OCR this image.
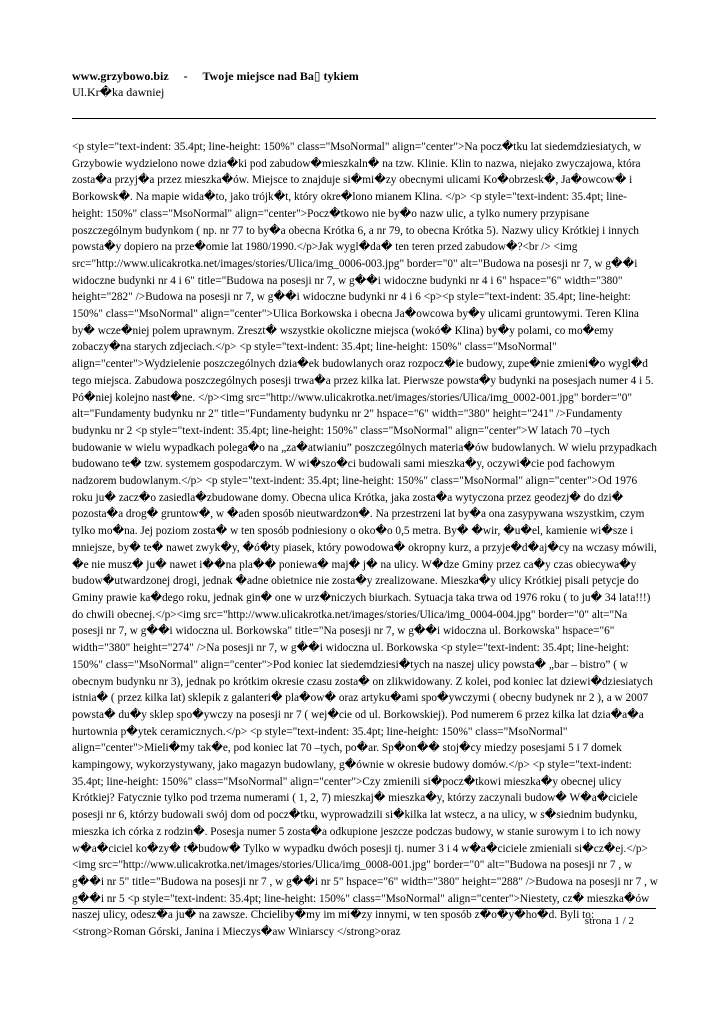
www.grzybowo.biz     -     Twoje miejsce nad Ba▯ tykiem
Ul.Kr�ka dawniej
<p style="text-indent: 35.4pt; line-height: 150%" class="MsoNormal" align="center">Na pocz�tku lat siedemdziesiatych, w Grzybowie wydzielono nowe dzia�ki pod zabudow�mieszkaln� na tzw. Klinie. Klin to nazwa, niejako zwyczajowa, która zosta�a przyj�a przez mieszka�ów. Miejsce to znajduje si�mi�zy obecnymi ulicami Ko�obrzesk�, Ja�owcow� i Borkowsk�. Na mapie wida�to, jako trójk�t, który okre�lono mianem Klina. </p> <p style="text-indent: 35.4pt; line-height: 150%" class="MsoNormal" align="center">Pocz�tkowo nie by�o nazw ulic, a tylko numery przypisane poszczególnym budynkom ( np. nr 77 to by�a obecna Krótka 6, a nr 79, to obecna Krótka 5). Nazwy ulicy Krótkiej i innych powsta�y dopiero na prze�omie lat 1980/1990.</p>Jak wygl�da� ten teren przed zabudow�?<br /> <img src="http://www.ulicakrotka.net/images/stories/Ulica/img_0006-003.jpg" border="0" alt="Budowa na posesji nr 7, w g��i widoczne budynki nr 4 i 6" title="Budowa na posesji nr 7, w g��i widoczne budynki nr 4 i 6" hspace="6" width="380" height="282" />Budowa na posesji nr 7, w g��i widoczne budynki nr 4 i 6 <p><p style="text-indent: 35.4pt; line-height: 150%" class="MsoNormal" align="center">Ulica Borkowska i obecna Ja�owcowa by�y ulicami gruntowymi. Teren Klina by� wcze�niej polem uprawnym. Zreszt� wszystkie okoliczne miejsca (wokó� Klina) by�y polami, co mo�emy zobaczy�na starych zdjeciach.</p> <p style="text-indent: 35.4pt; line-height: 150%" class="MsoNormal" align="center">Wydzielenie poszczególnych dzia�ek budowlanych oraz rozpocz�ie budowy, zupe�nie zmieni�o wygl�d tego miejsca. Zabudowa poszczególnych posesji trwa�a przez kilka lat. Pierwsze powsta�y budynki na posesjach numer 4 i 5. Pó�niej kolejno nast�ne. </p><img src="http://www.ulicakrotka.net/images/stories/Ulica/img_0002-001.jpg" border="0" alt="Fundamenty budynku nr 2" title="Fundamenty budynku nr 2" hspace="6" width="380" height="241" />Fundamenty budynku nr 2 <p style="text-indent: 35.4pt; line-height: 150%" class="MsoNormal" align="center">W latach 70 –tych budowanie w wielu wypadkach polega�o na „za�atwianiu” poszczególnych materia�ów budowlanych. W wielu przypadkach budowano te� tzw. systemem gospodarczym. W wi�szo�ci budowali sami mieszka�y, oczywi�cie pod fachowym nadzorem budowlanym.</p> <p style="text-indent: 35.4pt; line-height: 150%" class="MsoNormal" align="center">Od 1976 roku ju� zacz�o zasiedla�zbudowane domy. Obecna ulica Krótka, jaka zosta�a wytyczona przez geodezj� do dzi� pozosta�a drog� gruntow�, w �aden sposób nieutwardzon�. Na przestrzeni lat by�a ona zasypywana wszystkim, czym tylko mo�na. Jej poziom zosta� w ten sposób podniesiony o oko�o 0,5 metra. By� �wir, �u�el, kamienie wi�sze i mniejsze, by� te� nawet zwyk�y, �ó�ty piasek, który powodowa� okropny kurz, a przyje�d�aj�cy na wczasy mówili, �e nie musz� ju� nawet i��na pla�� poniewa� maj� j� na ulicy. W�dze Gminy przez ca�y czas obiecywa�y budow�utwardzonej drogi, jednak �adne obietnice nie zosta�y zrealizowane. Mieszka�y ulicy Krótkiej pisali petycje do Gminy prawie ka�dego roku, jednak gin� one w urz�niczych biurkach. Sytuacja taka trwa od 1976 roku ( to ju� 34 lata!!!) do chwili obecnej.</p><img src="http://www.ulicakrotka.net/images/stories/Ulica/img_0004-004.jpg" border="0" alt="Na posesji nr 7, w g��i widoczna ul. Borkowska" title="Na posesji nr 7, w g��i widoczna ul. Borkowska" hspace="6" width="380" height="274" />Na posesji nr 7, w g��i widoczna ul. Borkowska <p style="text-indent: 35.4pt; line-height: 150%" class="MsoNormal" align="center">Pod koniec lat siedemdziesi�tych na naszej ulicy powsta� „bar – bistro” ( w obecnym budynku nr 3), jednak po krótkim okresie czasu zosta� on zlikwidowany. Z kolei, pod koniec lat dziewi�dziesiatych istnia� ( przez kilka lat) sklepik z galanteri� pla�ow� oraz artyku�ami spo�ywczymi ( obecny budynek nr 2 ), a w 2007 powsta� du�y sklep spo�ywczy na posesji nr 7 ( wej�cie od ul. Borkowskiej). Pod numerem 6 przez kilka lat dzia�a�a hurtownia p�ytek ceramicznych.</p> <p style="text-indent: 35.4pt; line-height: 150%" class="MsoNormal" align="center">Mieli�my tak�e, pod koniec lat 70 –tych, po�ar. Sp�on�� stoj�cy miedzy posesjami 5 i 7 domek kampingowy, wykorzystywany, jako magazyn budowlany, g�ównie w okresie budowy domów.</p> <p style="text-indent: 35.4pt; line-height: 150%" class="MsoNormal" align="center">Czy zmienili si�pocz�tkowi mieszka�y obecnej ulicy Krótkiej? Fatycznie tylko pod trzema numerami ( 1, 2, 7) mieszkaj� mieszka�y, którzy zaczynali budow� W�a�ciciele posesji nr 6, którzy budowali swój dom od pocz�tku, wyprowadzili si�kilka lat wstecz, a na ulicy, w s�siednim budynku, mieszka ich córka z rodzin�. Posesja numer 5 zosta�a odkupione jeszcze podczas budowy, w stanie surowym i to ich nowy w�a�ciciel ko�zy� t�budow� Tylko w wypadku dwóch posesji tj. numer 3 i 4 w�a�ciciele zmieniali si�cz�ej.</p><img src="http://www.ulicakrotka.net/images/stories/Ulica/img_0008-001.jpg" border="0" alt="Budowa na posesji nr 7 , w g��i nr 5" title="Budowa na posesji nr 7 , w g��i nr 5" hspace="6" width="380" height="288" />Budowa na posesji nr 7 , w g��i nr 5 <p style="text-indent: 35.4pt; line-height: 150%" class="MsoNormal" align="center">Niestety, cz� mieszka�ów naszej ulicy, odesz�a ju� na zawsze. Chcieliby�my im mi�zy innymi, w ten sposób z�o�y�ho�d. Byli to: <strong>Roman Górski, Janina i Mieczys�aw Winiarscy </strong>oraz
strona 1 / 2
